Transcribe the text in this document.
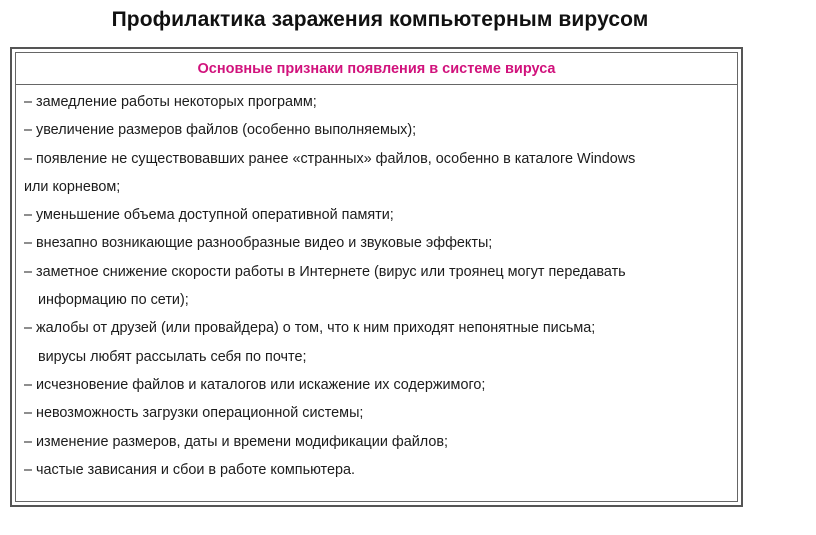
Профилактика заражения компьютерным вирусом
Основные признаки появления в системе вируса
– замедление работы некоторых программ;
– увеличение размеров файлов (особенно выполняемых);
– появление не существовавших ранее «странных» файлов, особенно в каталоге Windows
или корневом;
– уменьшение объема доступной оперативной памяти;
– внезапно возникающие разнообразные видео и звуковые эффекты;
– заметное снижение скорости работы в Интернете (вирус или троянец могут передавать
информацию по сети);
– жалобы от друзей (или провайдера) о том, что к ним приходят непонятные письма;
вирусы любят рассылать себя по почте;
– исчезновение файлов и каталогов или искажение их содержимого;
– невозможность загрузки операционной системы;
– изменение размеров, даты и времени модификации файлов;
– частые зависания и сбои в работе компьютера.
